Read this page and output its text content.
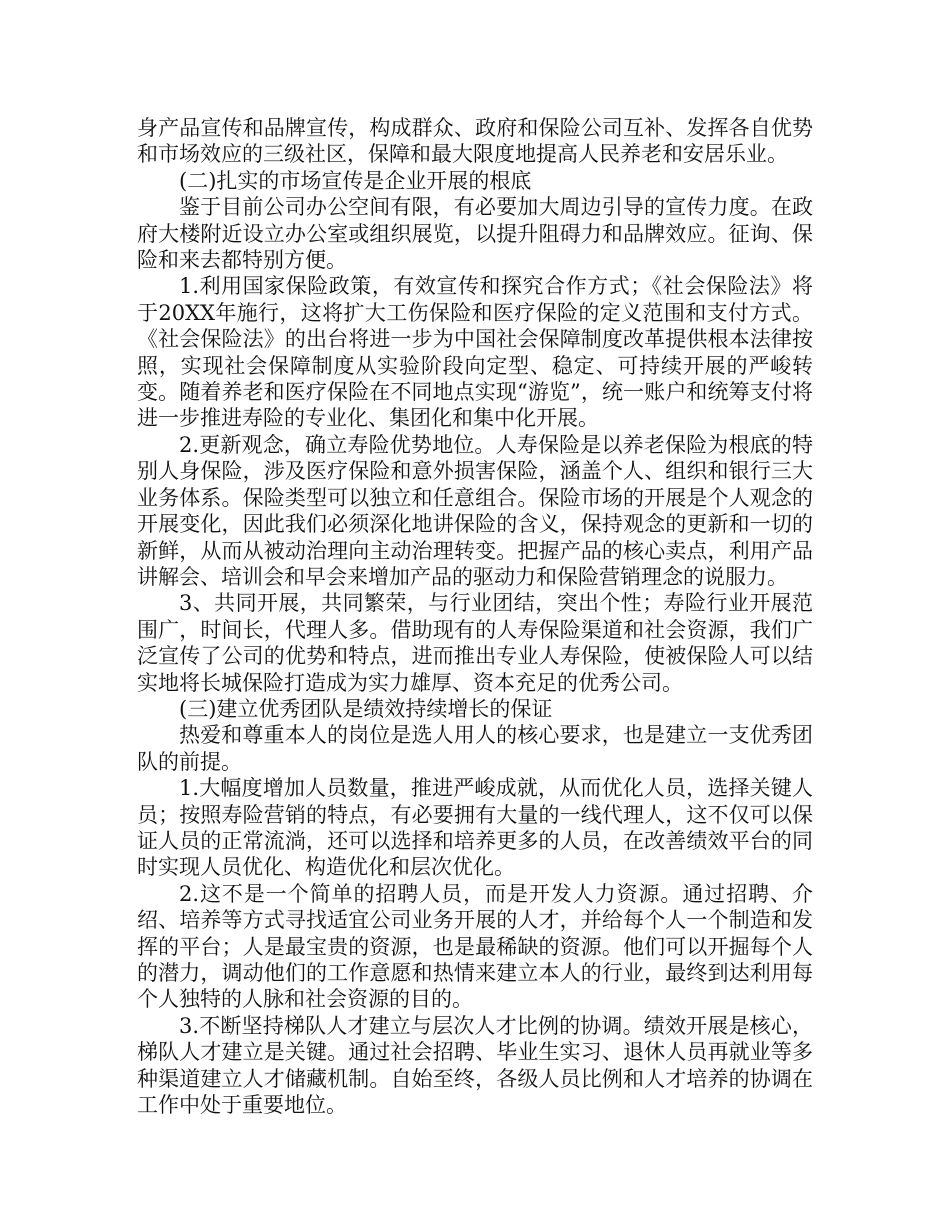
身产品宣传和品牌宣传，构成群众、政府和保险公司互补、发挥各自优势和市场效应的三级社区，保障和最大限度地提高人民养老和安居乐业。

(二)扎实的市场宣传是企业开展的根底

鉴于目前公司办公空间有限，有必要加大周边引导的宣传力度。在政府大楼附近设立办公室或组织展览，以提升阻碍力和品牌效应。征询、保险和来去都特别方便。

1.利用国家保险政策，有效宣传和探究合作方式；《社会保险法》将于20XX年施行，这将扩大工伤保险和医疗保险的定义范围和支付方式。《社会保险法》的出台将进一步为中国社会保障制度改革提供根本法律按照，实现社会保障制度从实验阶段向定型、稳定、可持续开展的严峻转变。随着养老和医疗保险在不同地点实现“游览”，统一账户和统筹支付将进一步推进寿险的专业化、集团化和集中化开展。

2.更新观念，确立寿险优势地位。人寿保险是以养老保险为根底的特别人身保险，涉及医疗保险和意外损害保险，涵盖个人、组织和银行三大业务体系。保险类型可以独立和任意组合。保险市场的开展是个人观念的开展变化，因此我们必须深化地讲保险的含义，保持观念的更新和一切的新鲜，从而从被动治理向主动治理转变。把握产品的核心卖点，利用产品讲解会、培训会和早会来增加产品的驱动力和保险营销理念的说服力。

3、共同开展，共同繁荣，与行业团结，突出个性；寿险行业开展范围广，时间长，代理人多。借助现有的人寿保险渠道和社会资源，我们广泛宣传了公司的优势和特点，进而推出专业人寿保险，使被保险人可以结实地将长城保险打造成为实力雄厚、资本充足的优秀公司。

(三)建立优秀团队是绩效持续增长的保证

热爱和尊重本人的岗位是选人用人的核心要求，也是建立一支优秀团队的前提。

1.大幅度增加人员数量，推进严峻成就，从而优化人员，选择关键人员；按照寿险营销的特点，有必要拥有大量的一线代理人，这不仅可以保证人员的正常流淌，还可以选择和培养更多的人员，在改善绩效平台的同时实现人员优化、构造优化和层次优化。

2.这不是一个简单的招聘人员，而是开发人力资源。通过招聘、介绍、培养等方式寻找适宜公司业务开展的人才，并给每个人一个制造和发挥的平台；人是最宝贵的资源，也是最稀缺的资源。他们可以开掘每个人的潜力，调动他们的工作意愿和热情来建立本人的行业，最终到达利用每个人独特的人脉和社会资源的目的。

3.不断坚持梯队人才建立与层次人才比例的协调。绩效开展是核心，梯队人才建立是关键。通过社会招聘、毕业生实习、退休人员再就业等多种渠道建立人才储藏机制。自始至终，各级人员比例和人才培养的协调在工作中处于重要地位。
